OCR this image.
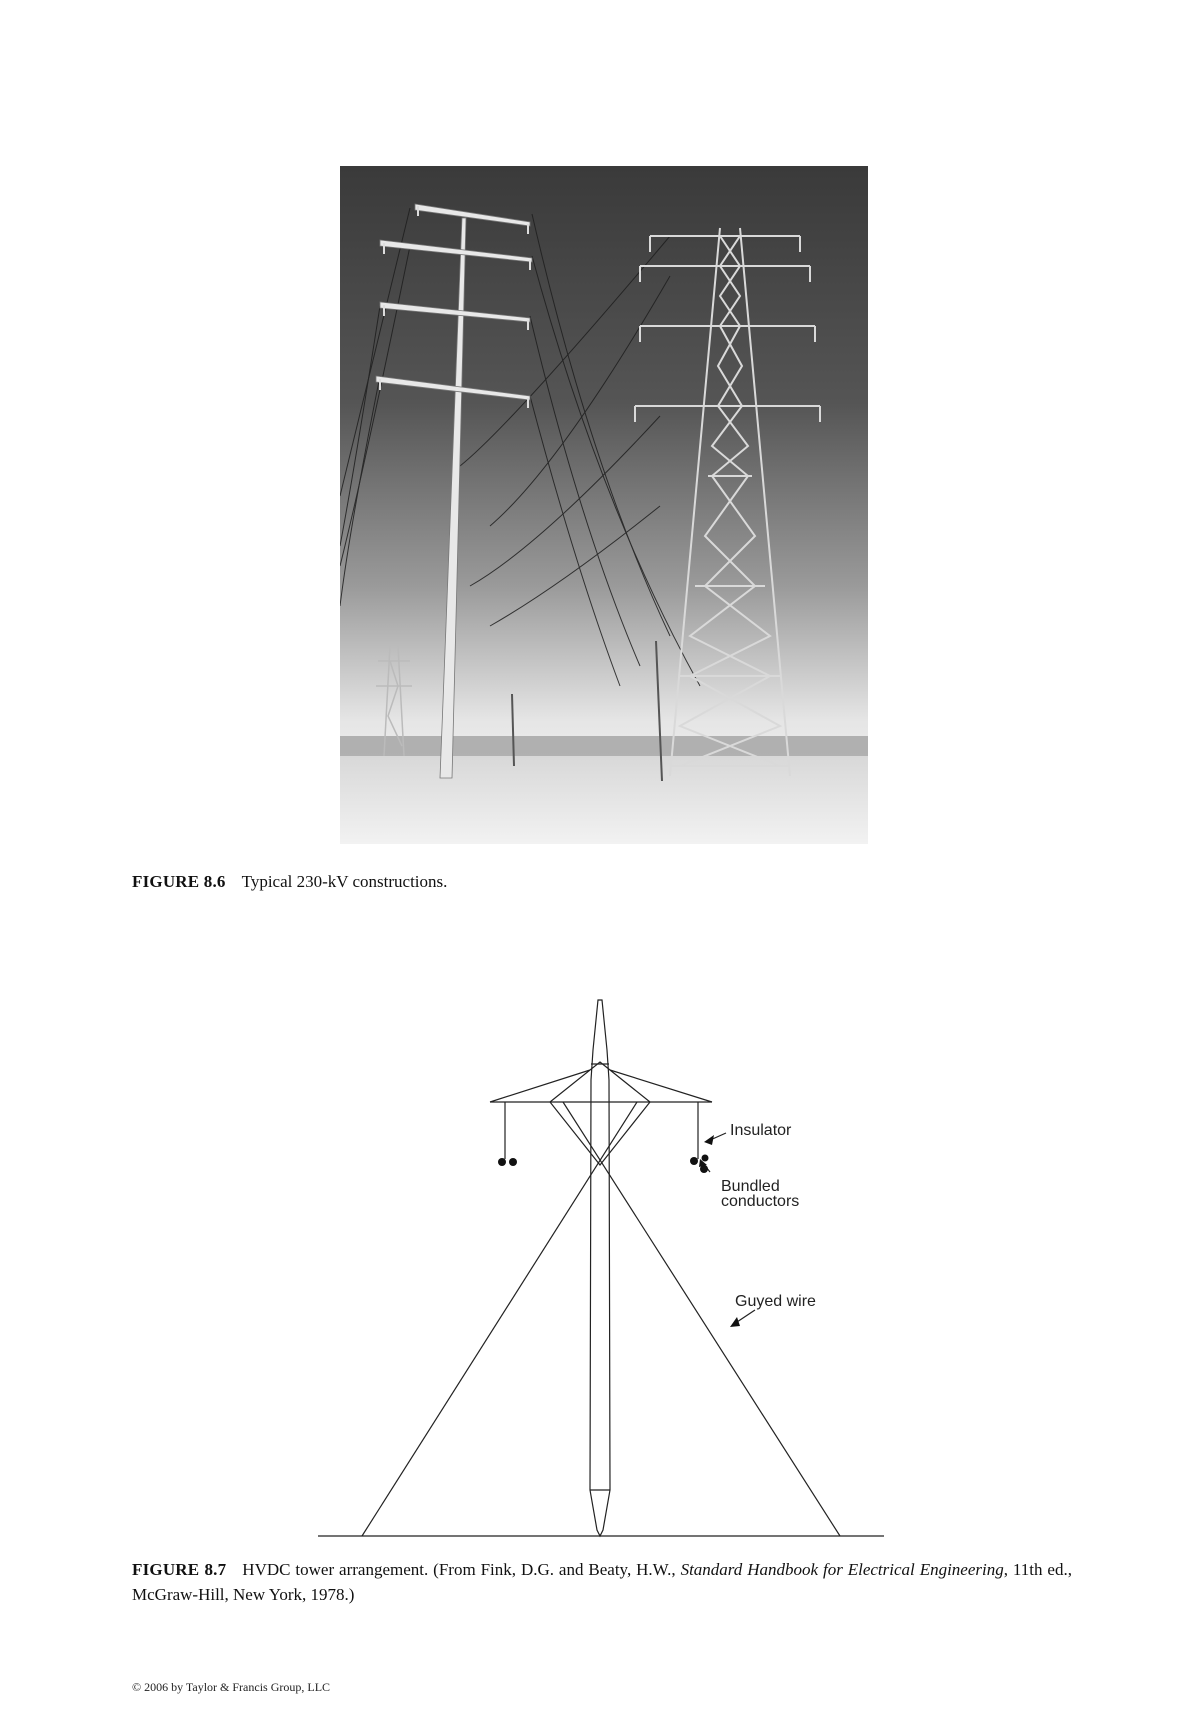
FIGURE 8.6 Typical 230-kV constructions.
Insulator
Bundled
conductors
Guyed wire
FIGURE 8.7 HVDC tower arrangement. (From Fink, D.G. and Beaty, H.W., Standard Handbook for Electrical Engineering, 11th ed., McGraw-Hill, New York, 1978.)
© 2006 by Taylor & Francis Group, LLC
